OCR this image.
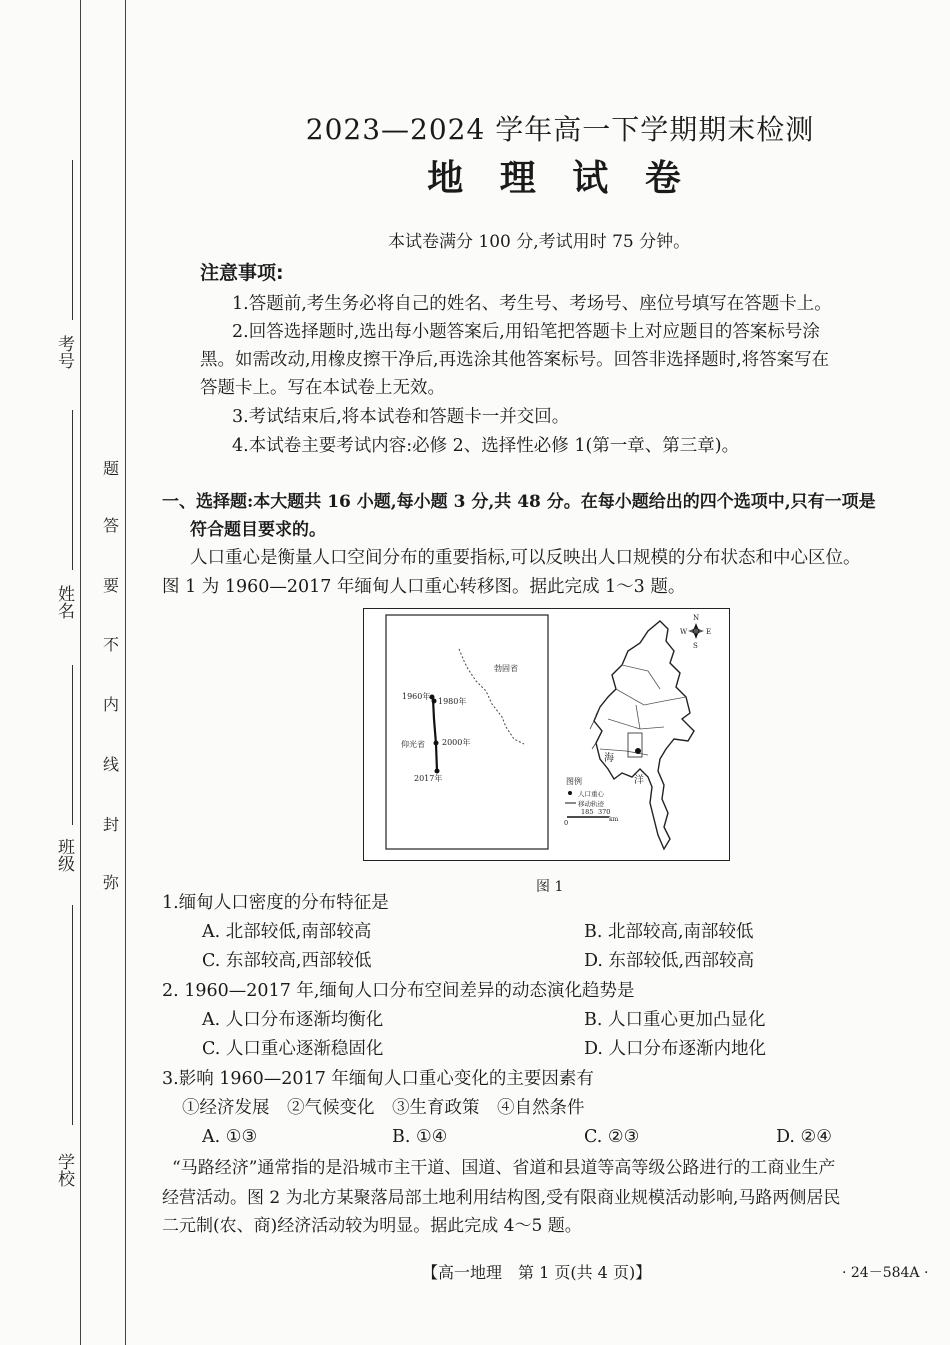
考号
姓名
班级
学校
题
答
要
不
内
线
封
弥
2023—2024 学年高一下学期期末检测
地 理 试 卷
本试卷满分 100 分,考试用时 75 分钟。
注意事项:
1.答题前,考生务必将自己的姓名、考生号、考场号、座位号填写在答题卡上。
2.回答选择题时,选出每小题答案后,用铅笔把答题卡上对应题目的答案标号涂
黑。如需改动,用橡皮擦干净后,再选涂其他答案标号。回答非选择题时,将答案写在
答题卡上。写在本试卷上无效。
3.考试结束后,将本试卷和答题卡一并交回。
4.本试卷主要考试内容:必修 2、选择性必修 1(第一章、第三章)。
一、选择题:本大题共 16 小题,每小题 3 分,共 48 分。在每小题给出的四个选项中,只有一项是
符合题目要求的。
人口重心是衡量人口空间分布的重要指标,可以反映出人口规模的分布状态和中心区位。
图 1 为 1960—2017 年缅甸人口重心转移图。据此完成 1～3 题。
勃固省
仰光省
1960年
1980年
2000年
2017年
海
洋
N
S
E
W
图例
人口重心
移动轨迹
0
185 370
km
图 1
1.缅甸人口密度的分布特征是
A. 北部较低,南部较高	B. 北部较高,南部较低
C. 东部较高,西部较低	D. 东部较低,西部较高
2. 1960—2017 年,缅甸人口分布空间差异的动态演化趋势是
A. 人口分布逐渐均衡化	B. 人口重心更加凸显化
C. 人口重心逐渐稳固化	D. 人口分布逐渐内地化
3.影响 1960—2017 年缅甸人口重心变化的主要因素有
①经济发展　②气候变化　③生育政策　④自然条件
A. ①③	B. ①④	C. ②③	D. ②④
“马路经济”通常指的是沿城市主干道、国道、省道和县道等高等级公路进行的工商业生产
经营活动。图 2 为北方某聚落局部土地利用结构图,受有限商业规模活动影响,马路两侧居民
二元制(农、商)经济活动较为明显。据此完成 4～5 题。
【高一地理　第 1 页(共 4 页)】	· 24－584A ·
